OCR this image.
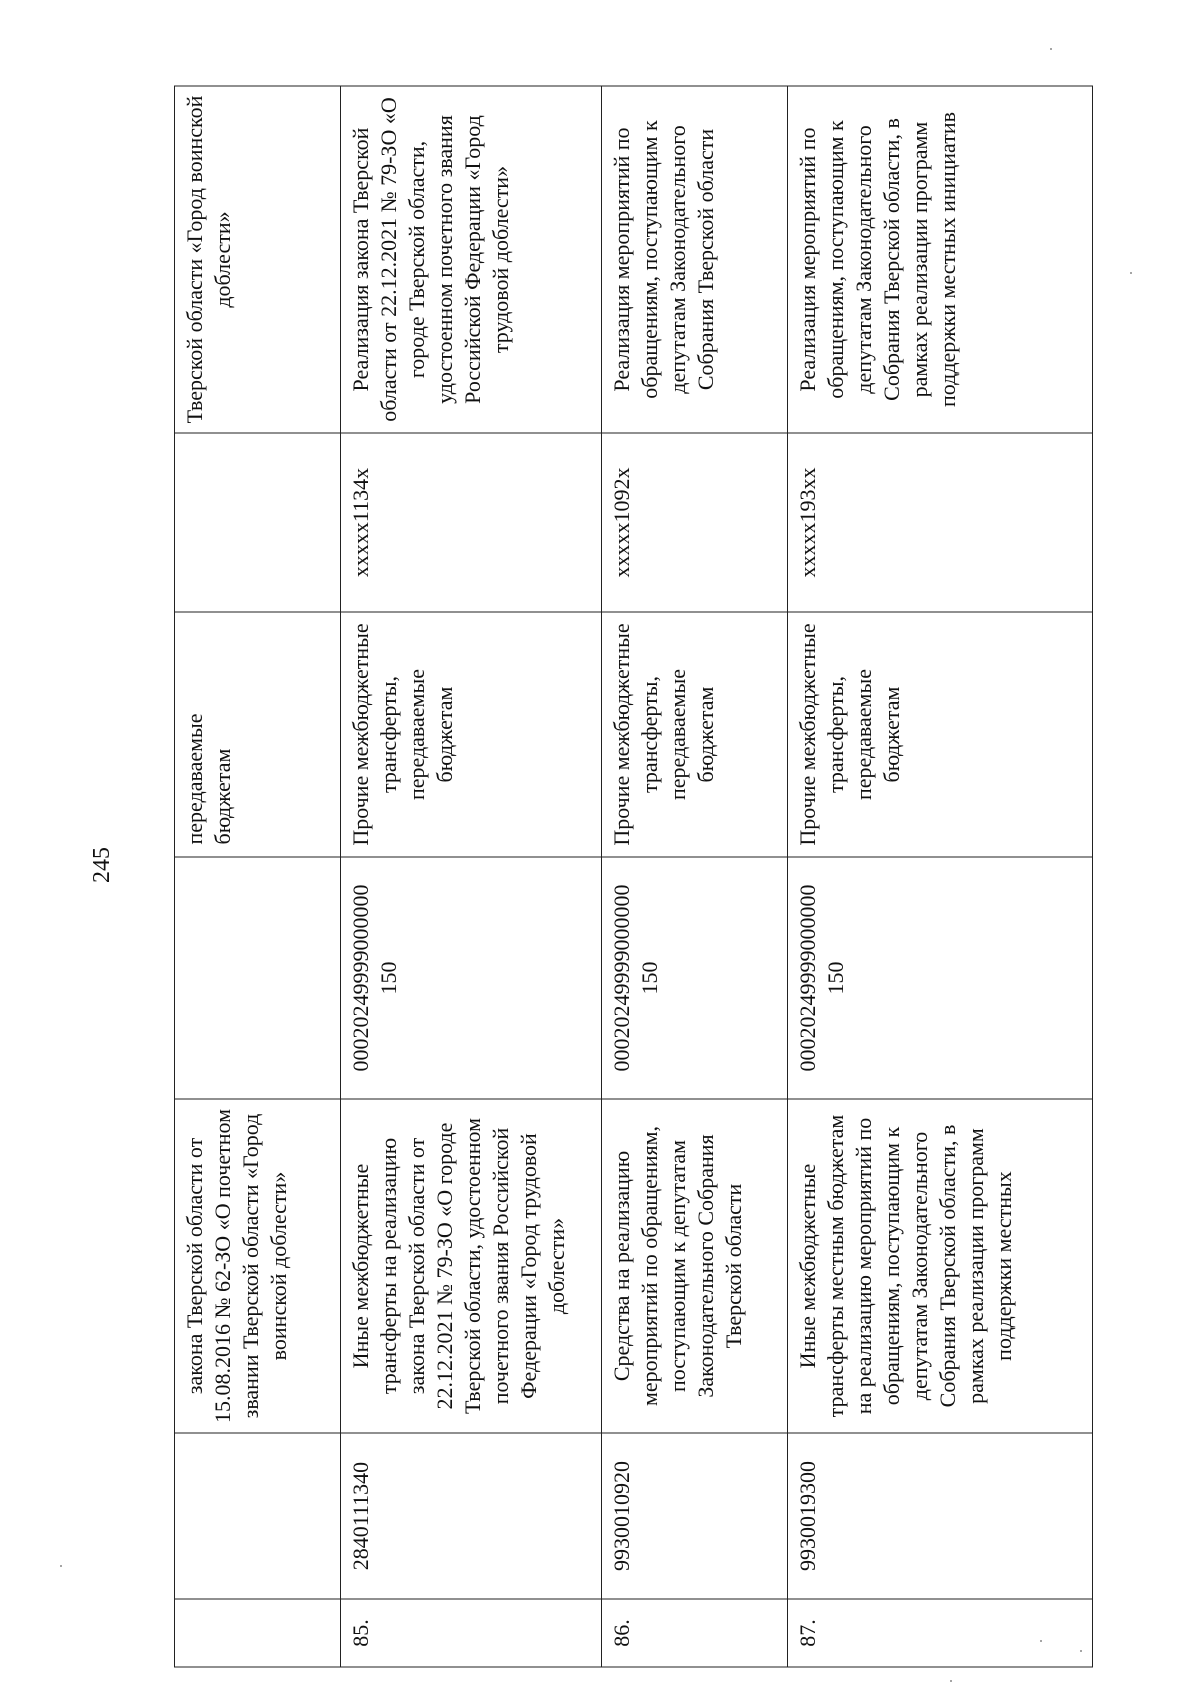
245
		закона Тверской области от 15.08.2016 № 62-ЗО «О почетном звании Тверской области «Город воинской доблести»		передаваемые бюджетам		Тверской области «Город воинской доблести»
85.	2840111340	Иные межбюджетные трансферты на реализацию закона Тверской области от 22.12.2021 № 79-ЗО «О городе Тверской области, удостоенном почетного звания Российской Федерации «Город трудовой доблести»	00020249999000000 150	Прочие межбюджетные трансферты, передаваемые бюджетам	xxxxx1134x	Реализация закона Тверской области от 22.12.2021 № 79-ЗО «О городе Тверской области, удостоенном почетного звания Российской Федерации «Город трудовой доблести»
86.	9930010920	Средства на реализацию мероприятий по обращениям, поступающим к депутатам Законодательного Собрания Тверской области	00020249999000000 150	Прочие межбюджетные трансферты, передаваемые бюджетам	xxxxx1092x	Реализация мероприятий по обращениям, поступающим к депутатам Законодательного Собрания Тверской области
87.	9930019300	Иные межбюджетные трансферты местным бюджетам на реализацию мероприятий по обращениям, поступающим к депутатам Законодательного Собрания Тверской области, в рамках реализации программ поддержки местных	00020249999000000 150	Прочие межбюджетные трансферты, передаваемые бюджетам	xxxxx193xx	Реализация мероприятий по обращениям, поступающим к депутатам Законодательного Собрания Тверской области, в рамках реализации программ поддержки местных инициатив
